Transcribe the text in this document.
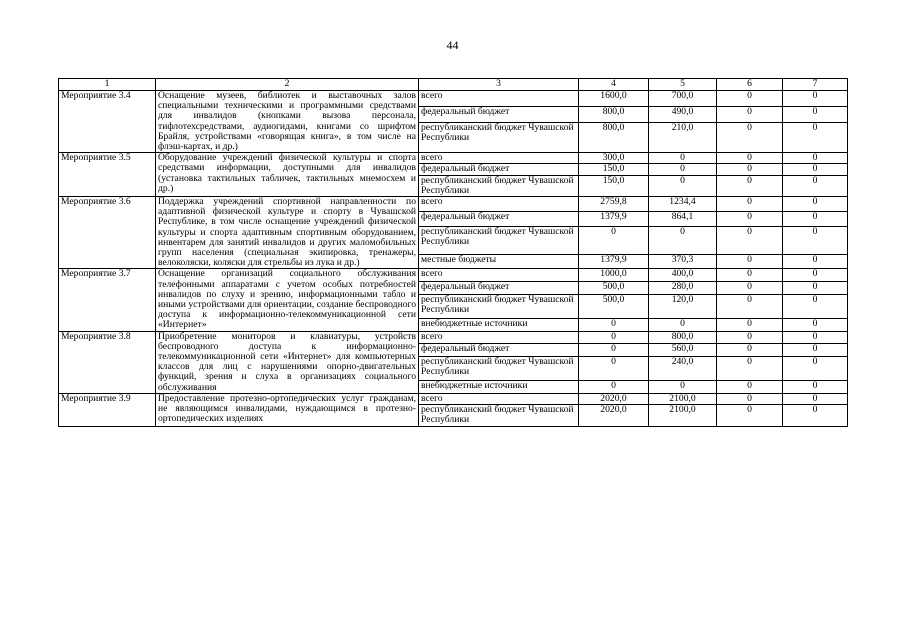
44
1	2	3	4	5	6	7
Мероприятие 3.4	Оснащение музеев, библиотек и выставочных залов специальными техническими и программными средствами для инвалидов (кнопками вызова персонала, тифлотехсредствами, аудиогидами, книгами со шрифтом Брайля, устройствами «говорящая книга», в том числе на флэш-картах, и др.)	всего	1600,0	700,0	0	0
		федеральный бюджет	800,0	490,0	0	0
		республиканский бюджет Чувашской Республики	800,0	210,0	0	0
Мероприятие 3.5	Оборудование учреждений физической культуры и спорта средствами информации, доступными для инвалидов (установка тактильных табличек, тактильных мнемосхем и др.)	всего	300,0	0	0	0
		федеральный бюджет	150,0	0	0	0
		республиканский бюджет Чувашской Республики	150,0	0	0	0
Мероприятие 3.6	Поддержка учреждений спортивной направленности по адаптивной физической культуре и спорту в Чувашской Республике, в том числе оснащение учреждений физической культуры и спорта адаптивным спортивным оборудованием, инвентарем для занятий инвалидов и других маломобильных групп населения (специальная экипировка, тренажеры, велоколяски, коляски для стрельбы из лука и др.)	всего	2759,8	1234,4	0	0
		федеральный бюджет	1379,9	864,1	0	0
		республиканский бюджет Чувашской Республики	0	0	0	0
		местные бюджеты	1379,9	370,3	0	0
Мероприятие 3.7	Оснащение организаций социального обслуживания телефонными аппаратами с учетом особых потребностей инвалидов по слуху и зрению, информационными табло и иными устройствами для ориентации, создание беспроводного доступа к информационно-телекоммуникационной сети «Интернет»	всего	1000,0	400,0	0	0
		федеральный бюджет	500,0	280,0	0	0
		республиканский бюджет Чувашской Республики	500,0	120,0	0	0
		внебюджетные источники	0	0	0	0
Мероприятие 3.8	Приобретение мониторов и клавиатуры, устройств беспроводного доступа к информационно-телекоммуникационной сети «Интернет» для компьютерных классов для лиц с нарушениями опорно-двигательных функций, зрения и слуха в организациях социального обслуживания	всего	0	800,0	0	0
		федеральный бюджет	0	560,0	0	0
		республиканский бюджет Чувашской Республики	0	240,0	0	0
		внебюджетные источники	0	0	0	0
Мероприятие 3.9	Предоставление протезно-ортопедических услуг гражданам, не являющимся инвалидами, нуждающимся в протезно-ортопедических изделиях	всего	2020,0	2100,0	0	0
		республиканский бюджет Чувашской Республики	2020,0	2100,0	0	0
